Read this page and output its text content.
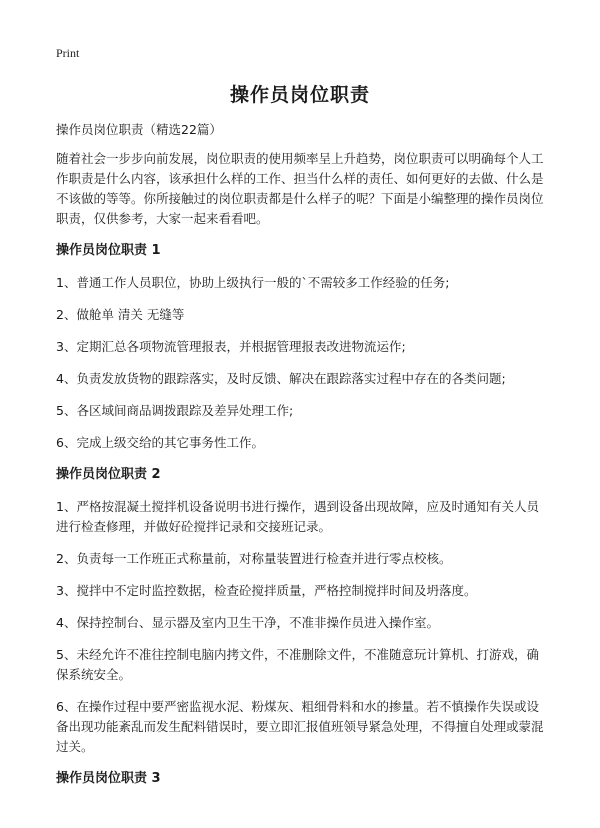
Print
操作员岗位职责

操作员岗位职责（精选22篇）

随着社会一步步向前发展，岗位职责的使用频率呈上升趋势，岗位职责可以明确每个人工作职责是什么内容，该承担什么样的工作、担当什么样的责任、如何更好的去做、什么是不该做的等等。你所接触过的岗位职责都是什么样子的呢？下面是小编整理的操作员岗位职责，仅供参考，大家一起来看看吧。

操作员岗位职责 1

1、普通工作人员职位，协助上级执行一般的`不需较多工作经验的任务;

2、做舱单 清关 无缝等

3、定期汇总各项物流管理报表，并根据管理报表改进物流运作;

4、负责发放货物的跟踪落实，及时反馈、解决在跟踪落实过程中存在的各类问题;

5、各区域间商品调拨跟踪及差异处理工作;

6、完成上级交给的其它事务性工作。

操作员岗位职责 2

1、严格按混凝土搅拌机设备说明书进行操作，遇到设备出现故障，应及时通知有关人员进行检查修理，并做好砼搅拌记录和交接班记录。

2、负责每一工作班正式称量前，对称量装置进行检查并进行零点校核。

3、搅拌中不定时监控数据，检查砼搅拌质量，严格控制搅拌时间及坍落度。

4、保持控制台、显示器及室内卫生干净，不准非操作员进入操作室。

5、未经允许不准往控制电脑内拷文件，不准删除文件，不准随意玩计算机、打游戏，确保系统安全。

6、在操作过程中要严密监视水泥、粉煤灰、粗细骨料和水的掺量。若不慎操作失误或设备出现功能紊乱而发生配料错误时，要立即汇报值班领导紧急处理，不得擅自处理或蒙混过关。

操作员岗位职责 3
